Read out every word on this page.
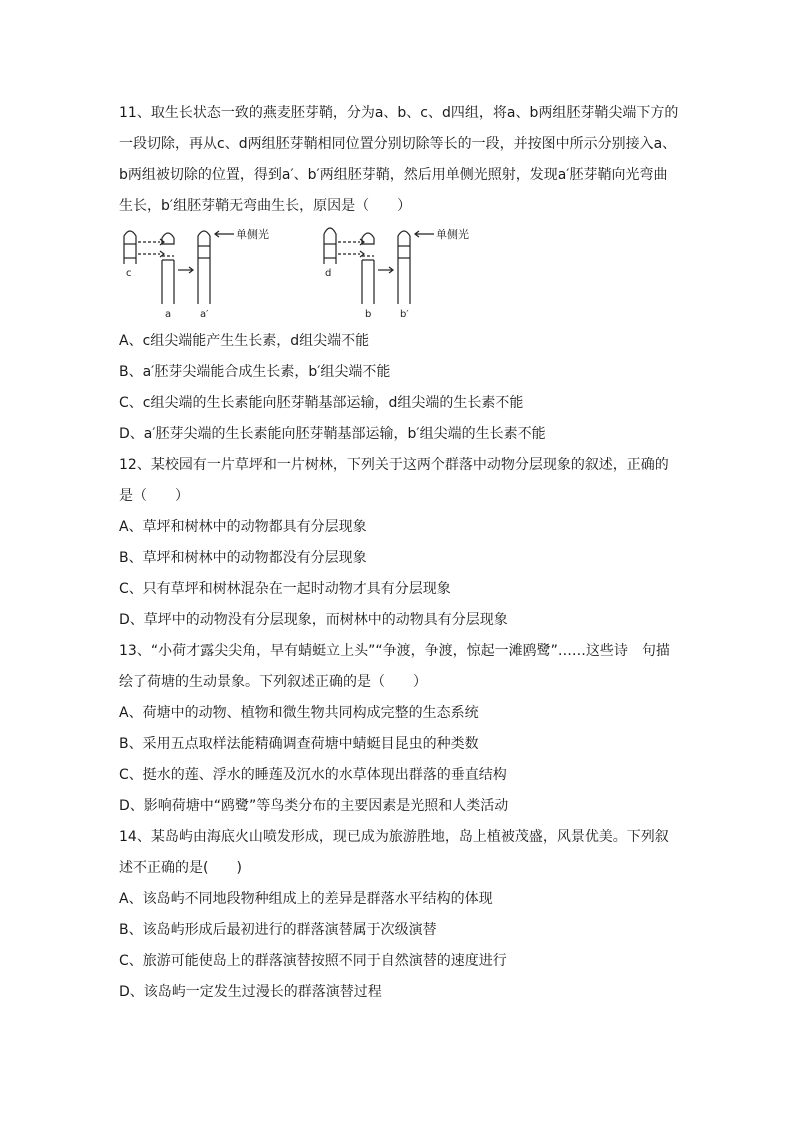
11、取生长状态一致的燕麦胚芽鞘，分为a、b、c、d四组，将a、b两组胚芽鞘尖端下方的一段切除，再从c、d两组胚芽鞘相同位置分别切除等长的一段，并按图中所示分别接入a、b两组被切除的位置，得到a′、b′两组胚芽鞘，然后用单侧光照射，发现a′胚芽鞘向光弯曲生长，b′组胚芽鞘无弯曲生长，原因是（　　）

单侧光	单侧光
c
a	a′
d
b	b′

A、c组尖端能产生生长素，d组尖端不能

B、a′胚芽尖端能合成生长素，b′组尖端不能

C、c组尖端的生长素能向胚芽鞘基部运输，d组尖端的生长素不能

D、a′胚芽尖端的生长素能向胚芽鞘基部运输，b′组尖端的生长素不能

12、某校园有一片草坪和一片树林，下列关于这两个群落中动物分层现象的叙述，正确的是（　　）

A、草坪和树林中的动物都具有分层现象

B、草坪和树林中的动物都没有分层现象

C、只有草坪和树林混杂在一起时动物才具有分层现象

D、草坪中的动物没有分层现象，而树林中的动物具有分层现象

13、“小荷才露尖尖角，早有蜻蜓立上头”“争渡，争渡，惊起一滩鸥鹭”……这些诗　句描绘了荷塘的生动景象。下列叙述正确的是（　　）

A、荷塘中的动物、植物和微生物共同构成完整的生态系统

B、采用五点取样法能精确调查荷塘中蜻蜓目昆虫的种类数

C、挺水的莲、浮水的睡莲及沉水的水草体现出群落的垂直结构

D、影响荷塘中“鸥鹭”等鸟类分布的主要因素是光照和人类活动

14、某岛屿由海底火山喷发形成，现已成为旅游胜地，岛上植被茂盛，风景优美。下列叙述不正确的是(　　)

A、该岛屿不同地段物种组成上的差异是群落水平结构的体现

B、该岛屿形成后最初进行的群落演替属于次级演替

C、旅游可能使岛上的群落演替按照不同于自然演替的速度进行

D、该岛屿一定发生过漫长的群落演替过程
